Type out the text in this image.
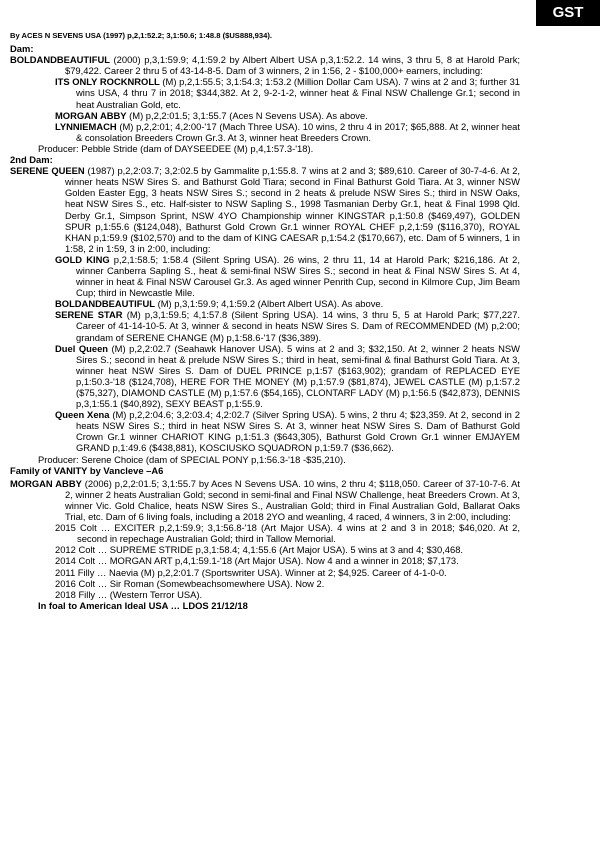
GST
By ACES N SEVENS USA (1997) p,2,1:52.2; 3,1:50.6; 1:48.8 ($US888,934).
Dam:
BOLDANDBEAUTIFUL (2000) p,3,1:59.9; 4,1:59.2 by Albert Albert USA p,3,1:52.2. 14 wins, 3 thru 5, 8 at Harold Park; $79,422. Career 2 thru 5 of 43-14-8-5. Dam of 3 winners, 2 in 1:56, 2 - $100,000+ earners, including:
ITS ONLY ROCKNROLL (M) p,2,1:55.5; 3,1:54.3; 1:53.2 (Million Dollar Cam USA). 7 wins at 2 and 3; further 31 wins USA, 4 thru 7 in 2018; $344,382. At 2, 9-2-1-2, winner heat & Final NSW Challenge Gr.1; second in heat Australian Gold, etc.
MORGAN ABBY (M) p,2,2:01.5; 3,1:55.7 (Aces N Sevens USA). As above.
LYNNIEMACH (M) p,2,2:01; 4,2:00-'17 (Mach Three USA). 10 wins, 2 thru 4 in 2017; $65,888. At 2, winner heat & consolation Breeders Crown Gr.3. At 3, winner heat Breeders Crown.
Producer: Pebble Stride (dam of DAYSEEDEE (M) p,4,1:57.3-'18).
2nd Dam:
SERENE QUEEN (1987) p,2,2:03.7; 3,2:02.5 by Gammalite p,1:55.8. 7 wins at 2 and 3; $89,610. Career of 30-7-4-6. At 2, winner heats NSW Sires S. and Bathurst Gold Tiara; second in Final Bathurst Gold Tiara. At 3, winner NSW Golden Easter Egg, 3 heats NSW Sires S.; second in 2 heats & prelude NSW Sires S.; third in NSW Oaks, heat NSW Sires S., etc. Half-sister to NSW Sapling S., 1998 Tasmanian Derby Gr.1, heat & Final 1998 Qld. Derby Gr.1, Simpson Sprint, NSW 4YO Championship winner KINGSTAR p,1:50.8 ($469,497), GOLDEN SPUR p,1:55.6 ($124,048), Bathurst Gold Crown Gr.1 winner ROYAL CHEF p,2,1:59 ($116,370), ROYAL KHAN p,1:59.9 ($102,570) and to the dam of KING CAESAR p,1:54.2 ($170,667), etc. Dam of 5 winners, 1 in 1:58, 2 in 1:59, 3 in 2:00, including:
GOLD KING p,2,1:58.5; 1:58.4 (Silent Spring USA). 26 wins, 2 thru 11, 14 at Harold Park; $216,186. At 2, winner Canberra Sapling S., heat & semi-final NSW Sires S.; second in heat & Final NSW Sires S. At 4, winner in heat & Final NSW Carousel Gr.3. As aged winner Penrith Cup, second in Kilmore Cup, Jim Beam Cup; third in Newcastle Mile.
BOLDANDBEAUTIFUL (M) p,3,1:59.9; 4,1:59.2 (Albert Albert USA). As above.
SERENE STAR (M) p,3,1:59.5; 4,1:57.8 (Silent Spring USA). 14 wins, 3 thru 5, 5 at Harold Park; $77,227. Career of 41-14-10-5. At 3, winner & second in heats NSW Sires S. Dam of RECOMMENDED (M) p,2:00; grandam of SERENE CHANGE (M) p,1:58.6-'17 ($36,389).
Duel Queen (M) p,2,2:02.7 (Seahawk Hanover USA). 5 wins at 2 and 3; $32,150. At 2, winner 2 heats NSW Sires S.; second in heat & prelude NSW Sires S.; third in heat, semi-final & final Bathurst Gold Tiara. At 3, winner heat NSW Sires S. Dam of DUEL PRINCE p,1:57 ($163,902); grandam of REPLACED EYE p,1:50.3-'18 ($124,708), HERE FOR THE MONEY (M) p,1:57.9 ($81,874), JEWEL CASTLE (M) p,1:57.2 ($75,327), DIAMOND CASTLE (M) p,1:57.6 ($54,165), CLONTARF LADY (M) p,1:56.5 ($42,873), DENNIS p,3,1:55.1 ($40,892), SEXY BEAST p,1:55.9.
Queen Xena (M) p,2,2:04.6; 3,2:03.4; 4,2:02.7 (Silver Spring USA). 5 wins, 2 thru 4; $23,359. At 2, second in 2 heats NSW Sires S.; third in heat NSW Sires S. At 3, winner heat NSW Sires S. Dam of Bathurst Gold Crown Gr.1 winner CHARIOT KING p,1:51.3 ($643,305), Bathurst Gold Crown Gr.1 winner EMJAYEM GRAND p,1:49.6 ($438,881), KOSCIUSKO SQUADRON p,1:59.7 ($36,662).
Producer: Serene Choice (dam of SPECIAL PONY p,1:56.3-'18 -$35,210).
Family of VANITY by Vancleve –A6
MORGAN ABBY (2006) p,2,2:01.5; 3,1:55.7 by Aces N Sevens USA. 10 wins, 2 thru 4; $118,050. Career of 37-10-7-6. At 2, winner 2 heats Australian Gold; second in semi-final and Final NSW Challenge, heat Breeders Crown. At 3, winner Vic. Gold Chalice, heats NSW Sires S., Australian Gold; third in Final Australian Gold, Ballarat Oaks Trial, etc. Dam of 6 living foals, including a 2018 2YO and weanling, 4 raced, 4 winners, 3 in 2:00, including:
2015 Colt … EXCITER p,2,1:59.9; 3,1:56.8-'18 (Art Major USA). 4 wins at 2 and 3 in 2018; $46,020. At 2, second in repechage Australian Gold; third in Tallow Memorial.
2012 Colt … SUPREME STRIDE p,3,1:58.4; 4,1:55.6 (Art Major USA). 5 wins at 3 and 4; $30,468.
2014 Colt … MORGAN ART p,4,1:59.1-'18 (Art Major USA). Now 4 and a winner in 2018; $7,173.
2011 Filly … Naevia (M) p,2,2:01.7 (Sportswriter USA). Winner at 2; $4,925. Career of 4-1-0-0.
2016 Colt … Sir Roman (Somewbeachsomewhere USA). Now 2.
2018 Filly … (Western Terror USA).
In foal to American Ideal USA … LDOS 21/12/18
